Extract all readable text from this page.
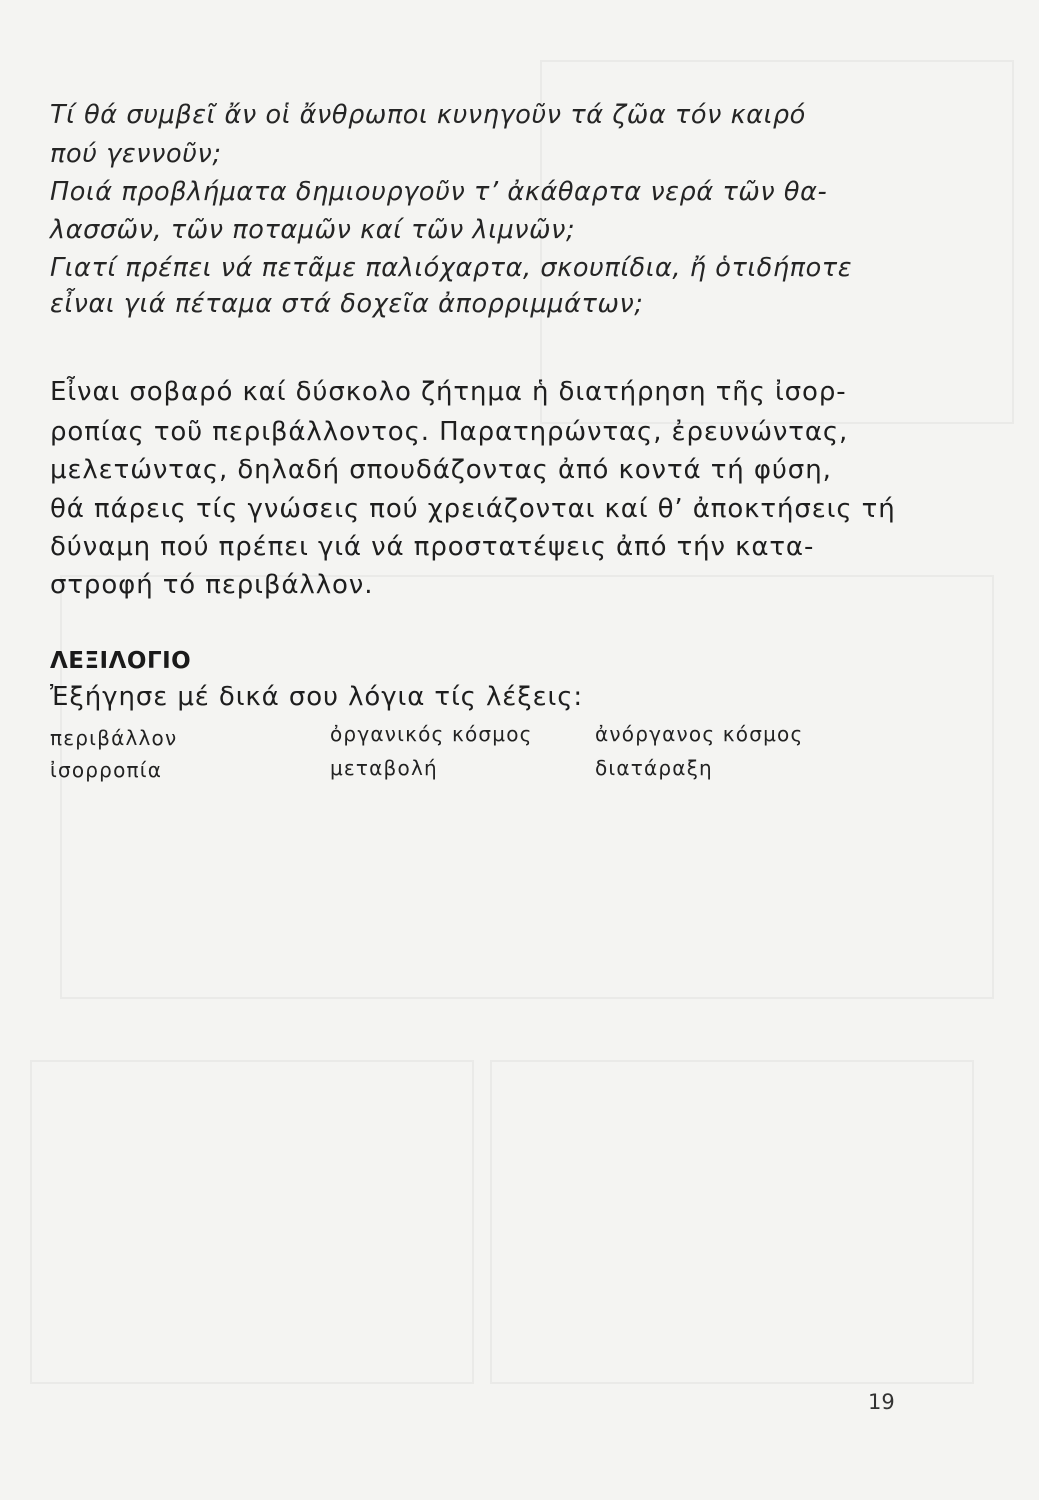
Τί θά συμβεῖ ἄν οἱ ἄνθρωποι κυνηγοῦν τά ζῶα τόν καιρό
πού γεννοῦν;
Ποιά προβλήματα δημιουργοῦν τ’ ἀκάθαρτα νερά τῶν θα-
λασσῶν, τῶν ποταμῶν καί τῶν λιμνῶν;
Γιατί πρέπει νά πετᾶμε παλιόχαρτα, σκουπίδια, ἤ ὁτιδήποτε
εἶναι γιά πέταμα στά δοχεῖα ἀπορριμμάτων;
Εἶναι σοβαρό καί δύσκολο ζήτημα ἡ διατήρηση τῆς ἰσορ-
ροπίας τοῦ περιβάλλοντος. Παρατηρώντας, ἐρευνώντας,
μελετώντας, δηλαδή σπουδάζοντας ἀπό κοντά τή φύση,
θά πάρεις τίς γνώσεις πού χρειάζονται καί θ’ ἀποκτήσεις τή
δύναμη πού πρέπει γιά νά προστατέψεις ἀπό τήν κατα-
στροφή τό περιβάλλον.
ΛΕΞΙΛΟΓΙΟ
Ἐξήγησε μέ δικά σου λόγια τίς λέξεις:
περιβάλλον	ὀργανικός κόσμος	ἀνόργανος κόσμος
ἰσορροπία	μεταβολή	διατάραξη
19
